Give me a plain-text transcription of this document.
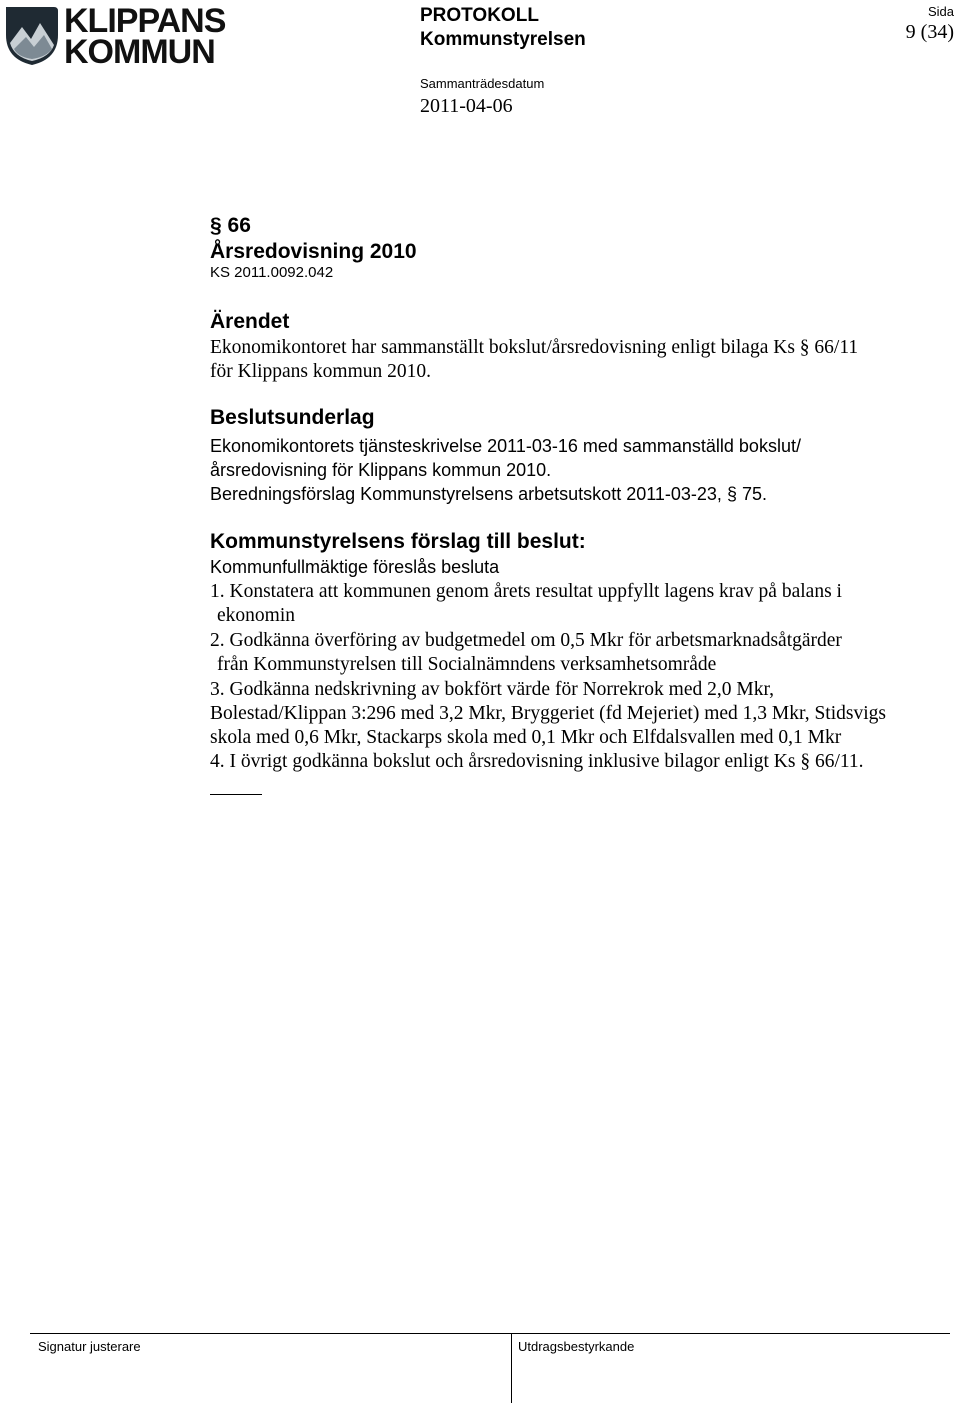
KLIPPANS
KOMMUN
PROTOKOLL
Kommunstyrelsen
Sammanträdesdatum
2011-04-06
Sida
9 (34)
§ 66
Årsredovisning 2010
KS 2011.0092.042
Ärendet
Ekonomikontoret har sammanställt bokslut/årsredovisning enligt bilaga Ks § 66/11
för Klippans kommun 2010.
Beslutsunderlag
Ekonomikontorets tjänsteskrivelse 2011-03-16 med sammanställd bokslut/
årsredovisning för Klippans kommun 2010.
Beredningsförslag Kommunstyrelsens arbetsutskott 2011-03-23, § 75.
Kommunstyrelsens förslag till beslut:
Kommunfullmäktige föreslås besluta
1. Konstatera att kommunen genom årets resultat uppfyllt lagens krav på balans i
ekonomin
2. Godkänna överföring av budgetmedel om 0,5 Mkr för arbetsmarknadsåtgärder
från Kommunstyrelsen till Socialnämndens verksamhetsområde
3. Godkänna nedskrivning av bokfört värde för Norrekrok med 2,0 Mkr,
Bolestad/Klippan 3:296 med 3,2 Mkr, Bryggeriet (fd Mejeriet) med 1,3 Mkr, Stidsvigs
skola med 0,6 Mkr, Stackarps skola med 0,1 Mkr och Elfdalsvallen med 0,1 Mkr
4. I övrigt godkänna bokslut och årsredovisning inklusive bilagor enligt Ks § 66/11.
Signatur justerare	Utdragsbestyrkande
